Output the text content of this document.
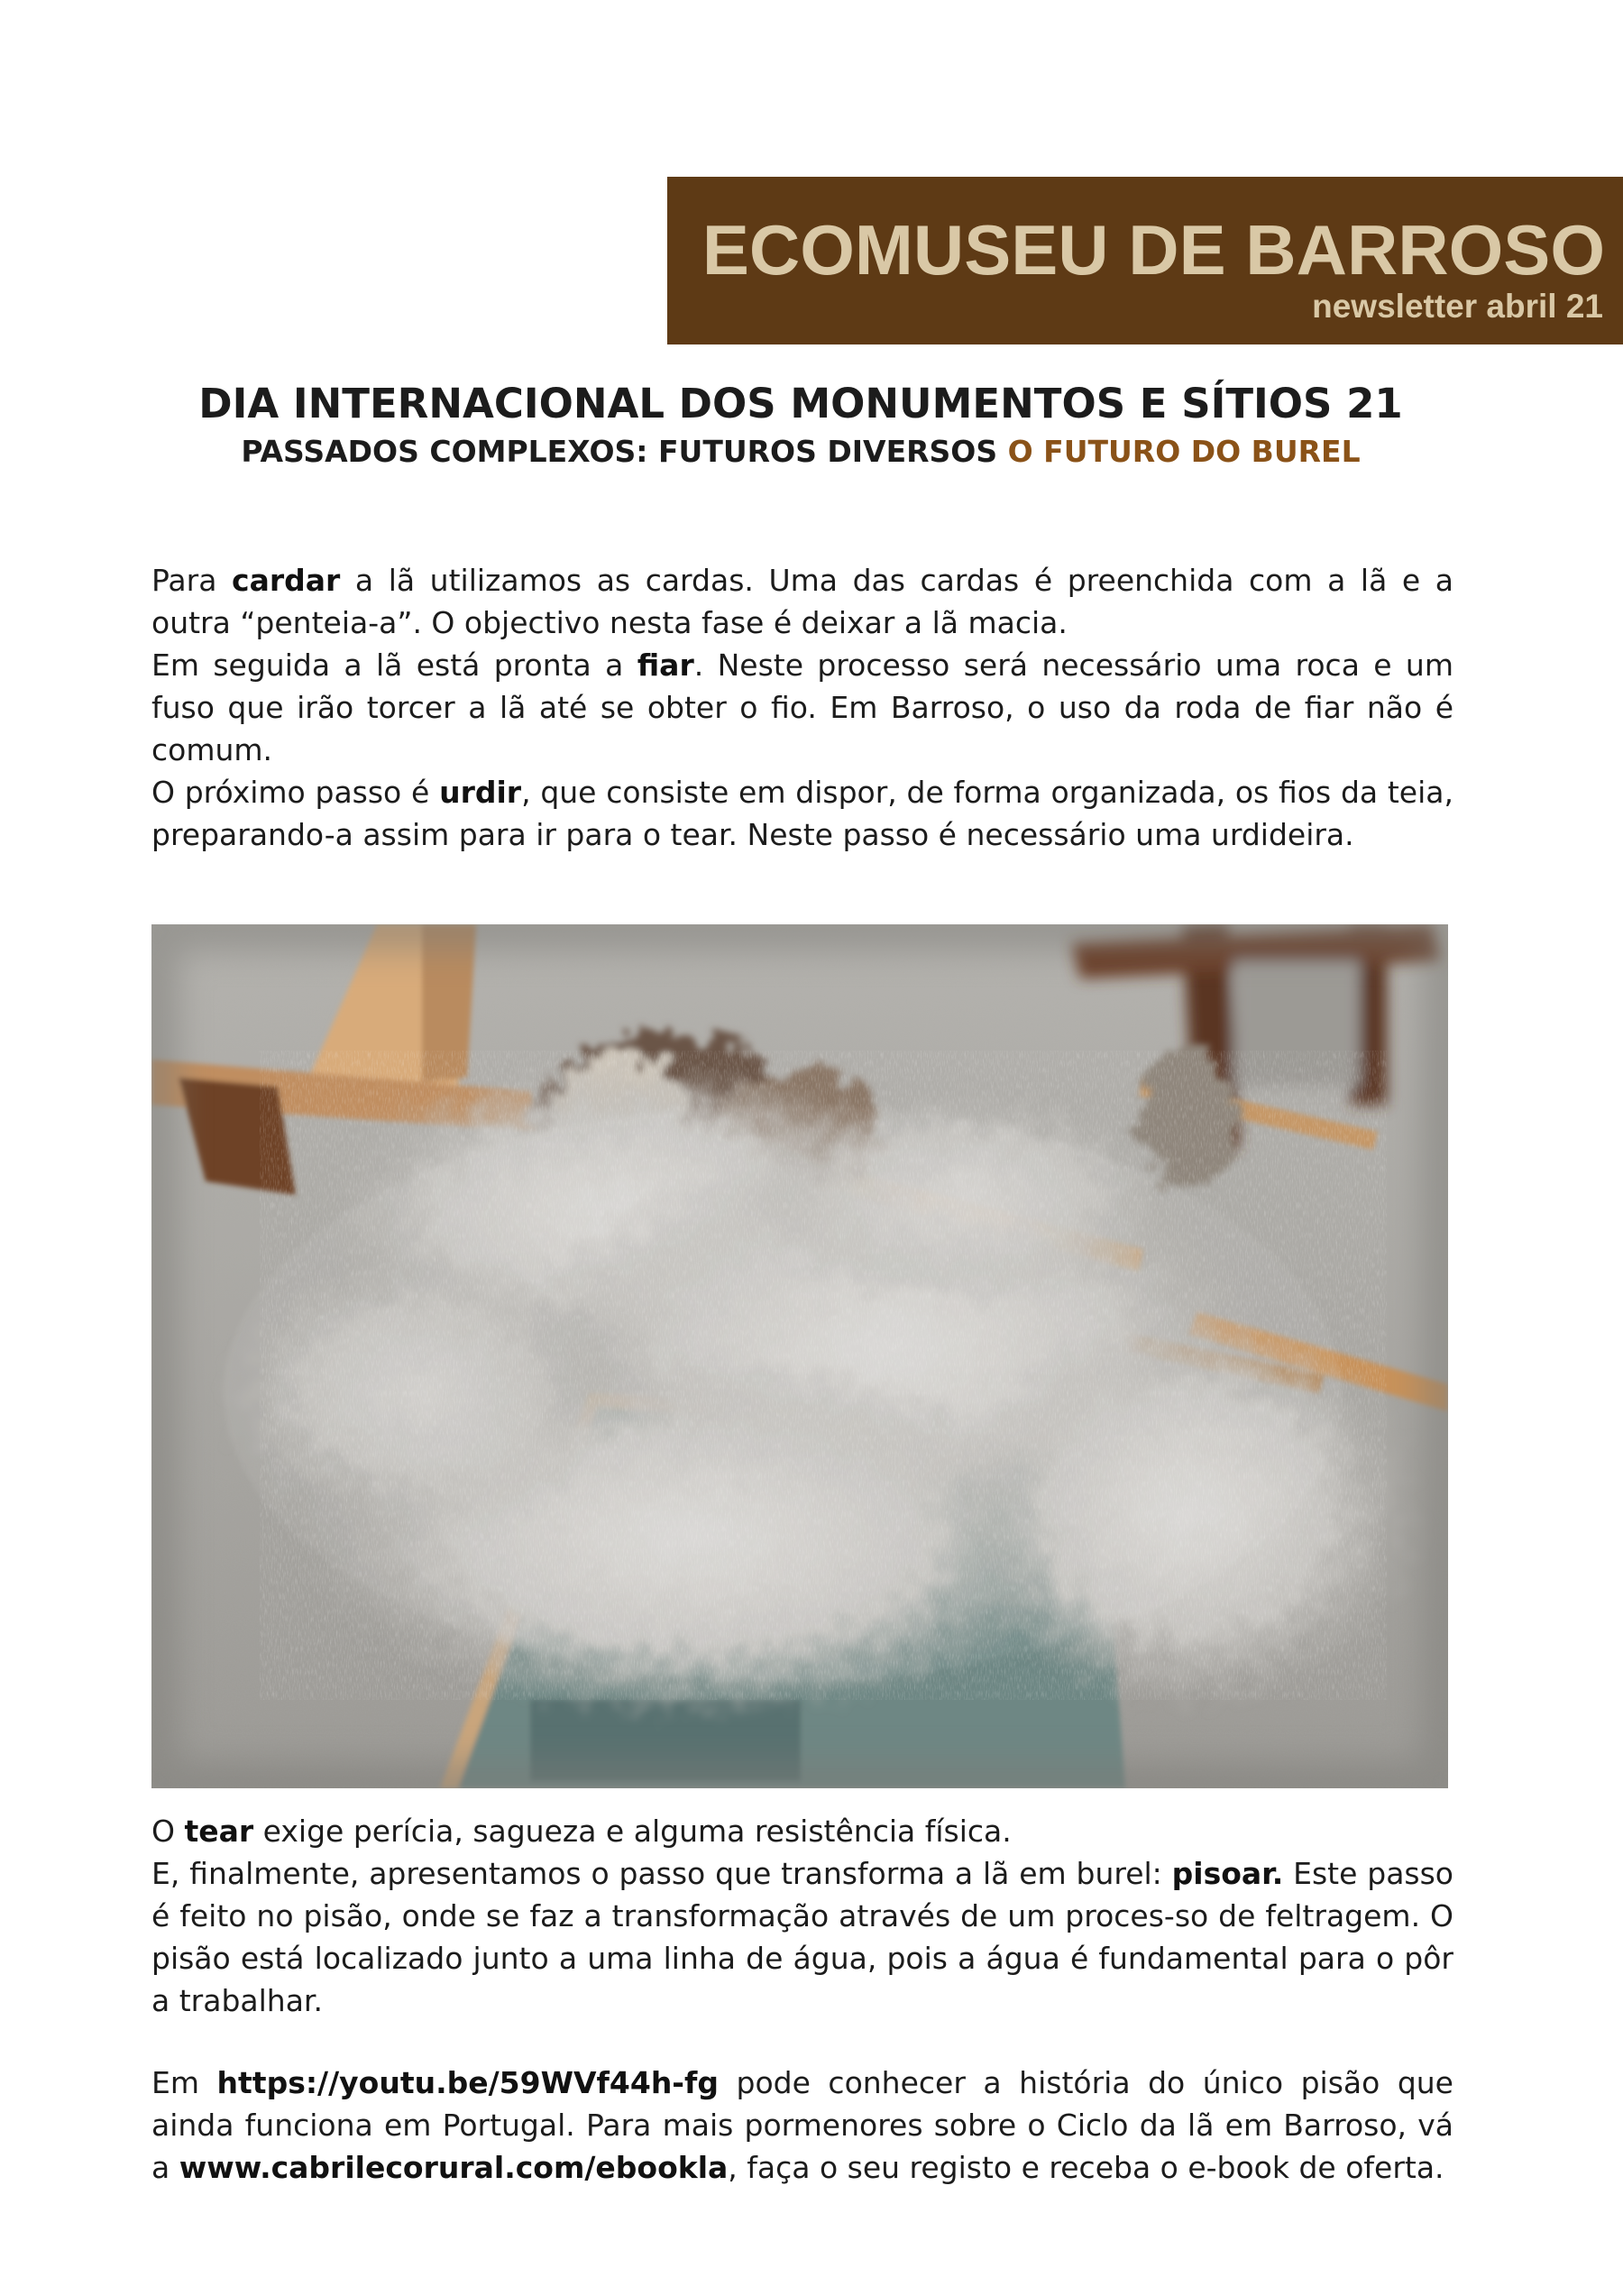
ECOMUSEU DE BARROSO
newsletter abril 21
DIA INTERNACIONAL DOS MONUMENTOS E SÍTIOS 21
PASSADOS COMPLEXOS: FUTUROS DIVERSOS O FUTURO DO BUREL

Para cardar a lã utilizamos as cardas. Uma das cardas é preenchida com a lã e a outra “penteia-a”. O objectivo nesta fase é deixar a lã macia.

Em seguida a lã está pronta a fiar. Neste processo será necessário uma roca e um fuso que irão torcer a lã até se obter o fio. Em Barroso, o uso da roda de fiar não é comum.

O próximo passo é urdir, que consiste em dispor, de forma organizada, os fios da teia, preparando-a assim para ir para o tear. Neste passo é necessário uma urdideira.

O tear exige perícia, sagueza e alguma resistência física.

E, finalmente, apresentamos o passo que transforma a lã em burel: pisoar. Este passo é feito no pisão, onde se faz a transformação através de um proces-so de feltragem. O pisão está localizado junto a uma linha de água, pois a água é fundamental para o pôr a trabalhar.

Em https://youtu.be/59WVf44h-fg pode conhecer a história do único pisão que ainda funciona em Portugal. Para mais pormenores sobre o Ciclo da lã em Barroso, vá a www.cabrilecorural.com/ebookla, faça o seu registo e receba o e-book de oferta.
